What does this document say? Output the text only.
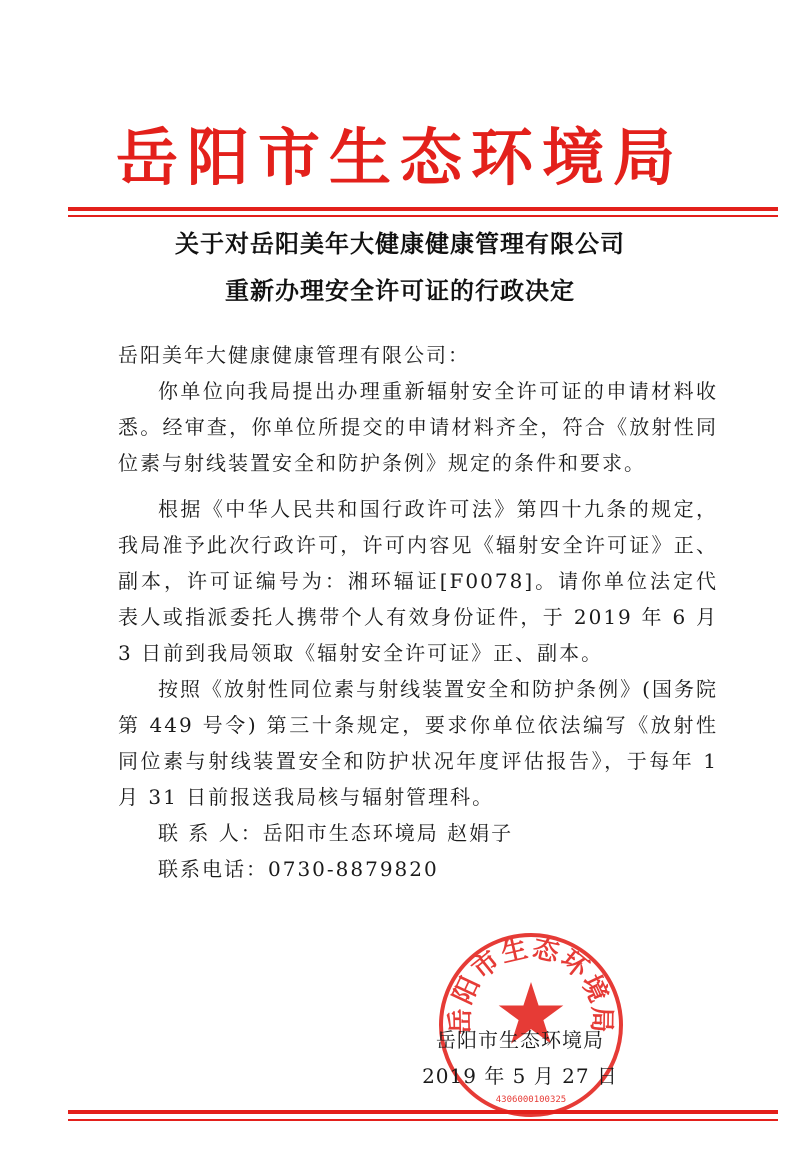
岳阳市生态环境局
关于对岳阳美年大健康健康管理有限公司
重新办理安全许可证的行政决定

岳阳美年大健康健康管理有限公司：

你单位向我局提出办理重新辐射安全许可证的申请材料收悉。经审查，你单位所提交的申请材料齐全，符合《放射性同位素与射线装置安全和防护条例》规定的条件和要求。

根据《中华人民共和国行政许可法》第四十九条的规定，我局准予此次行政许可，许可内容见《辐射安全许可证》正、副本，许可证编号为：湘环辐证[F0078]。请你单位法定代表人或指派委托人携带个人有效身份证件，于 2019 年 6 月 3 日前到我局领取《辐射安全许可证》正、副本。

按照《放射性同位素与射线装置安全和防护条例》(国务院第 449 号令) 第三十条规定，要求你单位依法编写《放射性同位素与射线装置安全和防护状况年度评估报告》，于每年 1 月 31 日前报送我局核与辐射管理科。

联 系 人：岳阳市生态环境局 赵娟子

联系电话：0730-8879820

岳阳市生态环境局
4306000100325
岳阳市生态环境局
2019 年 5 月 27 日
